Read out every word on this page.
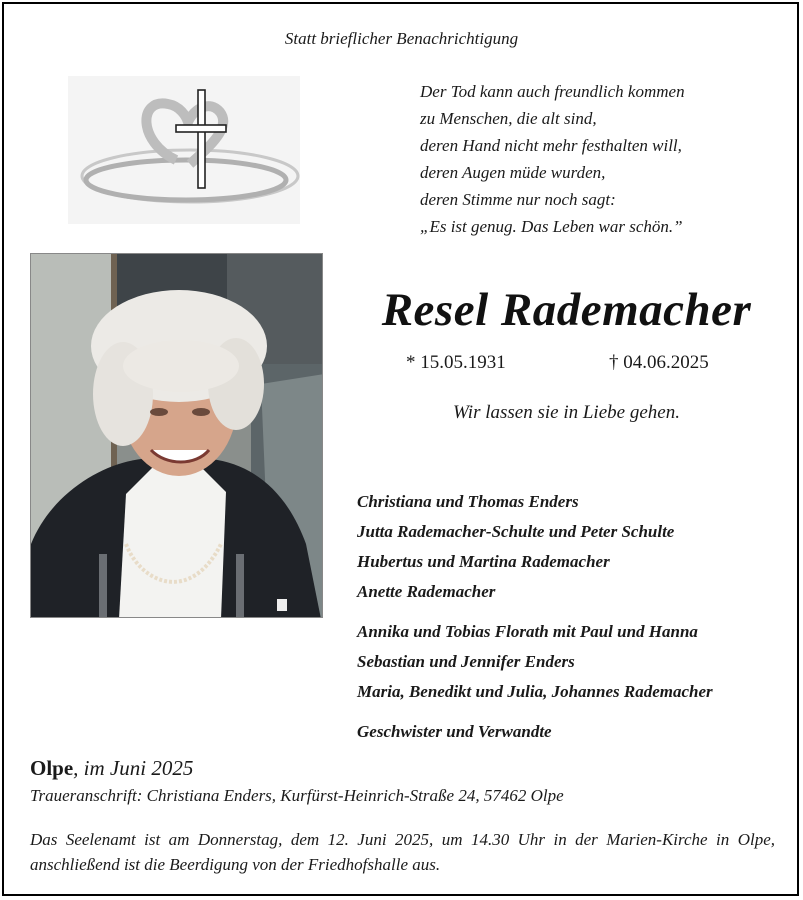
Statt brieflicher Benachrichtigung
Der Tod kann auch freundlich kommen
zu Menschen, die alt sind,
deren Hand nicht mehr festhalten will,
deren Augen müde wurden,
deren Stimme nur noch sagt:
„Es ist genug. Das Leben war schön.”
Resel Rademacher
* 15.05.1931	† 04.06.2025
Wir lassen sie in Liebe gehen.
Christiana und Thomas Enders
Jutta Rademacher-Schulte und Peter Schulte
Hubertus und Martina Rademacher
Anette Rademacher
Annika und Tobias Florath mit Paul und Hanna
Sebastian und Jennifer Enders
Maria, Benedikt und Julia, Johannes Rademacher
Geschwister und Verwandte
Olpe, im Juni 2025
Traueranschrift: Christiana Enders, Kurfürst-Heinrich-Straße 24, 57462 Olpe
Das Seelenamt ist am Donnerstag, dem 12. Juni 2025, um 14.30 Uhr in der Marien-Kirche in Olpe, anschließend ist die Beerdigung von der Friedhofshalle aus.
